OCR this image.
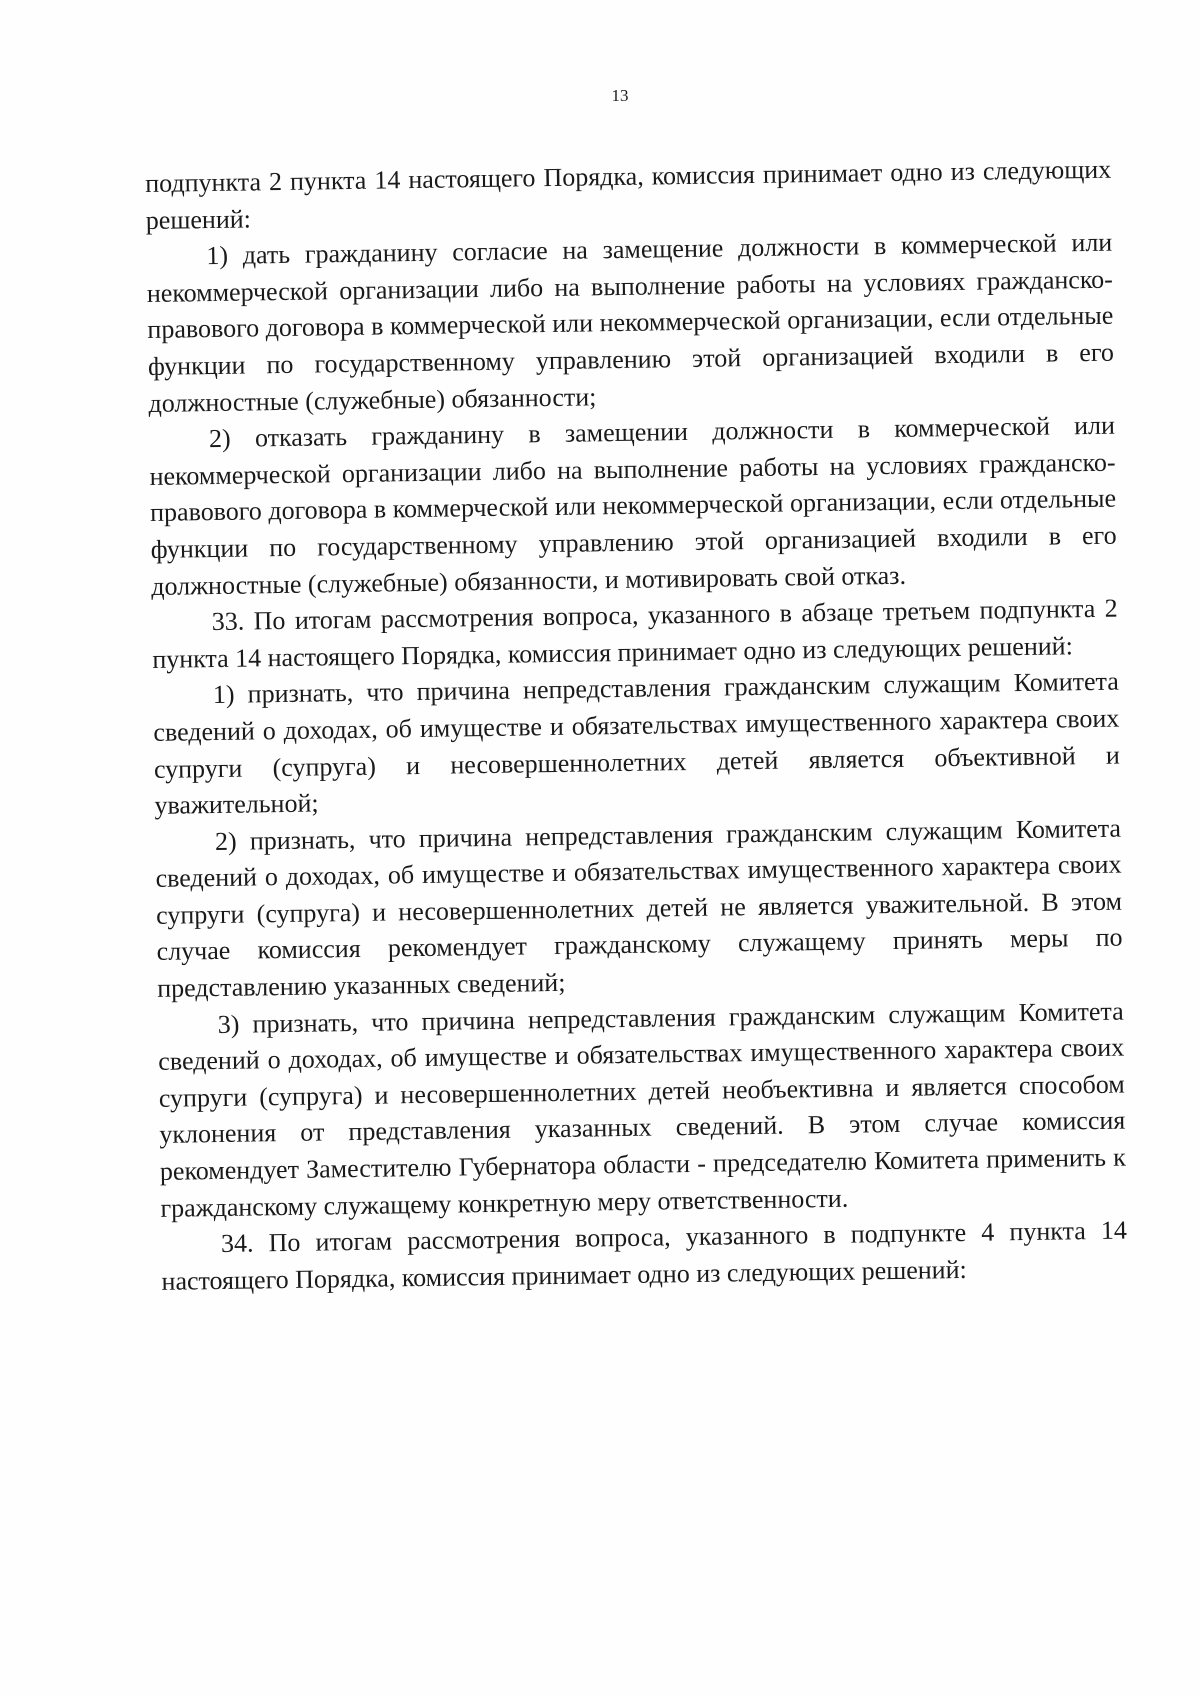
13

подпункта 2 пункта 14 настоящего Порядка, комиссия принимает одно из следующих решений:

1) дать гражданину согласие на замещение должности в коммерческой или некоммерческой организации либо на выполнение работы на условиях гражданско-правового договора в коммерческой или некоммерческой организации, если отдельные функции по государственному управлению этой организацией входили в его должностные (служебные) обязанности;

2) отказать гражданину в замещении должности в коммерческой или некоммерческой организации либо на выполнение работы на условиях гражданско-правового договора в коммерческой или некоммерческой организации, если отдельные функции по государственному управлению этой организацией входили в его должностные (служебные) обязанности, и мотивировать свой отказ.

33. По итогам рассмотрения вопроса, указанного в абзаце третьем подпункта 2 пункта 14 настоящего Порядка, комиссия принимает одно из следующих решений:

1) признать, что причина непредставления гражданским служащим Комитета сведений о доходах, об имуществе и обязательствах имущественного характера своих супруги (супруга) и несовершеннолетних детей является объективной и уважительной;

2) признать, что причина непредставления гражданским служащим Комитета сведений о доходах, об имуществе и обязательствах имущественного характера своих супруги (супруга) и несовершеннолетних детей не является уважительной. В этом случае комиссия рекомендует гражданскому служащему принять меры по представлению указанных сведений;

3) признать, что причина непредставления гражданским служащим Комитета сведений о доходах, об имуществе и обязательствах имущественного характера своих супруги (супруга) и несовершеннолетних детей необъективна и является способом уклонения от представления указанных сведений. В этом случае комиссия рекомендует Заместителю Губернатора области - председателю Комитета применить к гражданскому служащему конкретную меру ответственности.

34. По итогам рассмотрения вопроса, указанного в подпункте 4 пункта 14 настоящего Порядка, комиссия принимает одно из следующих решений:
